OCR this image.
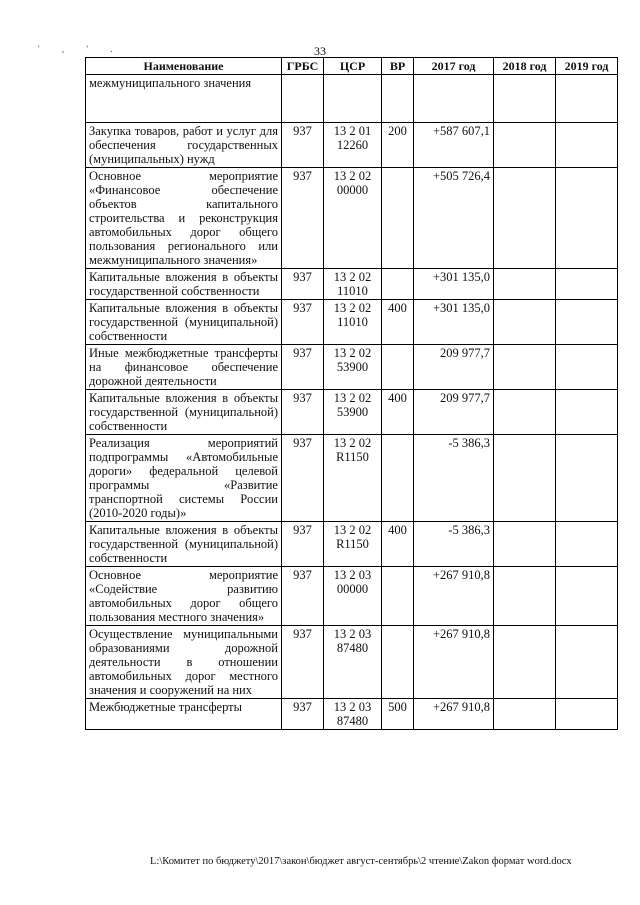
' , ' .	33
Наименование	ГРБС	ЦСР	ВР	2017 год	2018 год	2019 год
межмуниципального значения						
Закупка товаров, работ и услуг для обеспечения государственных (муниципальных) нужд	937	13 2 01 12260	200	+587 607,1		
Основное мероприятие «Финансовое обеспечение объектов капитального строительства и реконструкция автомобильных дорог общего пользования регионального или межмуниципального значения»	937	13 2 02 00000		+505 726,4		
Капитальные вложения в объекты государственной собственности	937	13 2 02 11010		+301 135,0		
Капитальные вложения в объекты государственной (муниципальной) собственности	937	13 2 02 11010	400	+301 135,0		
Иные межбюджетные трансферты на финансовое обеспечение дорожной деятельности	937	13 2 02 53900		209 977,7		
Капитальные вложения в объекты государственной (муниципальной) собственности	937	13 2 02 53900	400	209 977,7		
Реализация мероприятий подпрограммы «Автомобильные дороги» федеральной целевой программы «Развитие транспортной системы России (2010-2020 годы)»	937	13 2 02 R1150		-5 386,3		
Капитальные вложения в объекты государственной (муниципальной) собственности	937	13 2 02 R1150	400	-5 386,3		
Основное мероприятие «Содействие развитию автомобильных дорог общего пользования местного значения»	937	13 2 03 00000		+267 910,8		
Осуществление муниципальными образованиями дорожной деятельности в отношении автомобильных дорог местного значения и сооружений на них	937	13 2 03 87480		+267 910,8		
Межбюджетные трансферты	937	13 2 03 87480	500	+267 910,8		
L:\Комитет по бюджету\2017\закон\бюджет август-сентябрь\2 чтение\Zakon формат word.docx
